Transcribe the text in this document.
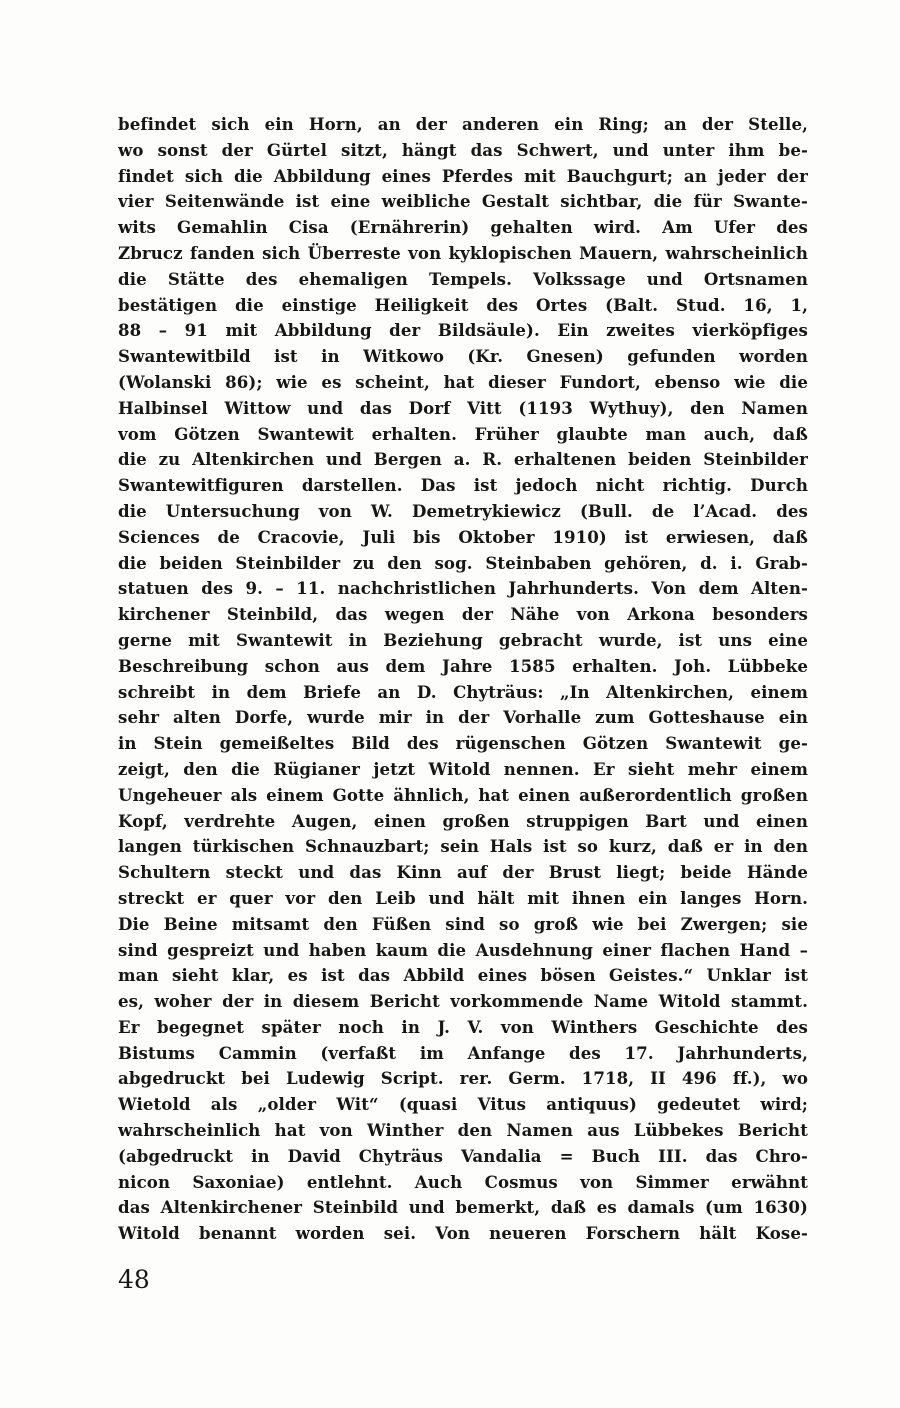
befindet sich ein Horn, an der anderen ein Ring; an der Stelle,
wo sonst der Gürtel sitzt, hängt das Schwert, und unter ihm be-
findet sich die Abbildung eines Pferdes mit Bauchgurt; an jeder der
vier Seitenwände ist eine weibliche Gestalt sichtbar, die für Swante-
wits Gemahlin Cisa (Ernährerin) gehalten wird. Am Ufer des
Zbrucz fanden sich Überreste von kyklopischen Mauern, wahrscheinlich
die Stätte des ehemaligen Tempels. Volkssage und Ortsnamen
bestätigen die einstige Heiligkeit des Ortes (Balt. Stud. 16, 1,
88 – 91 mit Abbildung der Bildsäule). Ein zweites vierköpfiges
Swantewitbild ist in Witkowo (Kr. Gnesen) gefunden worden
(Wolanski 86); wie es scheint, hat dieser Fundort, ebenso wie die
Halbinsel Wittow und das Dorf Vitt (1193 Wythuy), den Namen
vom Götzen Swantewit erhalten. Früher glaubte man auch, daß
die zu Altenkirchen und Bergen a. R. erhaltenen beiden Steinbilder
Swantewitfiguren darstellen. Das ist jedoch nicht richtig. Durch
die Untersuchung von W. Demetrykiewicz (Bull. de l’Acad. des
Sciences de Cracovie, Juli bis Oktober 1910) ist erwiesen, daß
die beiden Steinbilder zu den sog. Steinbaben gehören, d. i. Grab-
statuen des 9. – 11. nachchristlichen Jahrhunderts. Von dem Alten-
kirchener Steinbild, das wegen der Nähe von Arkona besonders
gerne mit Swantewit in Beziehung gebracht wurde, ist uns eine
Beschreibung schon aus dem Jahre 1585 erhalten. Joh. Lübbeke
schreibt in dem Briefe an D. Chyträus: „In Altenkirchen, einem
sehr alten Dorfe, wurde mir in der Vorhalle zum Gotteshause ein
in Stein gemeißeltes Bild des rügenschen Götzen Swantewit ge-
zeigt, den die Rügianer jetzt Witold nennen. Er sieht mehr einem
Ungeheuer als einem Gotte ähnlich, hat einen außerordentlich großen
Kopf, verdrehte Augen, einen großen struppigen Bart und einen
langen türkischen Schnauzbart; sein Hals ist so kurz, daß er in den
Schultern steckt und das Kinn auf der Brust liegt; beide Hände
streckt er quer vor den Leib und hält mit ihnen ein langes Horn.
Die Beine mitsamt den Füßen sind so groß wie bei Zwergen; sie
sind gespreizt und haben kaum die Ausdehnung einer flachen Hand –
man sieht klar, es ist das Abbild eines bösen Geistes.“ Unklar ist
es, woher der in diesem Bericht vorkommende Name Witold stammt.
Er begegnet später noch in J. V. von Winthers Geschichte des
Bistums Cammin (verfaßt im Anfange des 17. Jahrhunderts,
abgedruckt bei Ludewig Script. rer. Germ. 1718, II 496 ff.), wo
Wietold als „older Wit“ (quasi Vitus antiquus) gedeutet wird;
wahrscheinlich hat von Winther den Namen aus Lübbekes Bericht
(abgedruckt in David Chyträus Vandalia = Buch III. das Chro-
nicon Saxoniae) entlehnt. Auch Cosmus von Simmer erwähnt
das Altenkirchener Steinbild und bemerkt, daß es damals (um 1630)
Witold benannt worden sei. Von neueren Forschern hält Kose-
48
